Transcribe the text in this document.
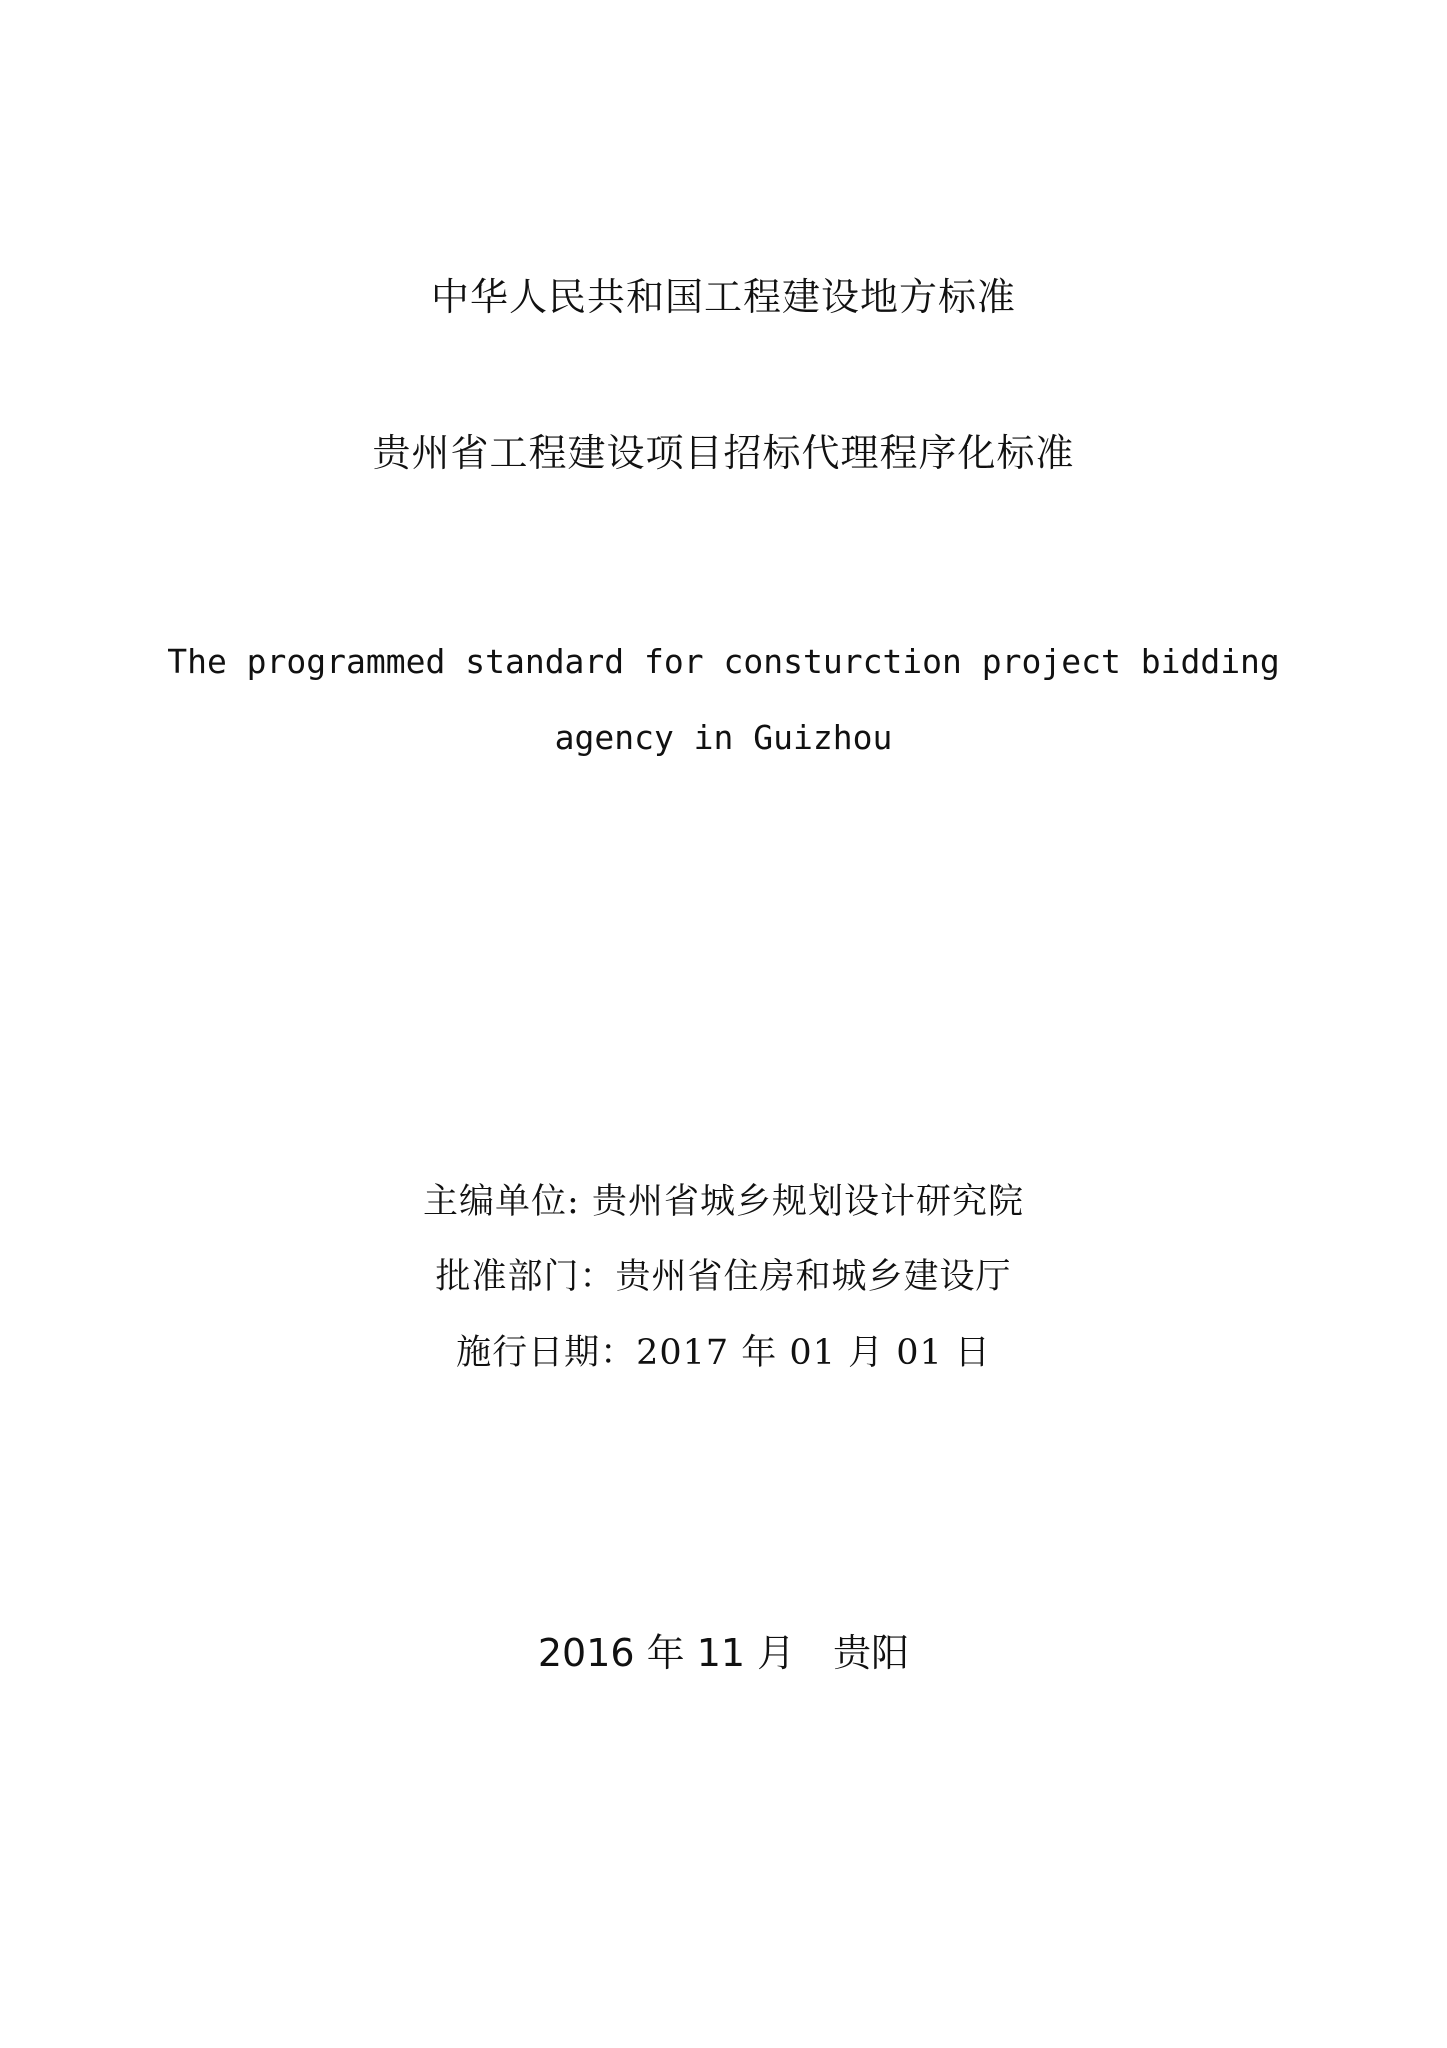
中华人民共和国工程建设地方标准
贵州省工程建设项目招标代理程序化标准
The programmed standard for consturction project bidding
agency in Guizhou
主编单位: 贵州省城乡规划设计研究院
批准部门：贵州省住房和城乡建设厅
施行日期：2017 年 01 月 01 日
2016 年 11 月　贵阳
